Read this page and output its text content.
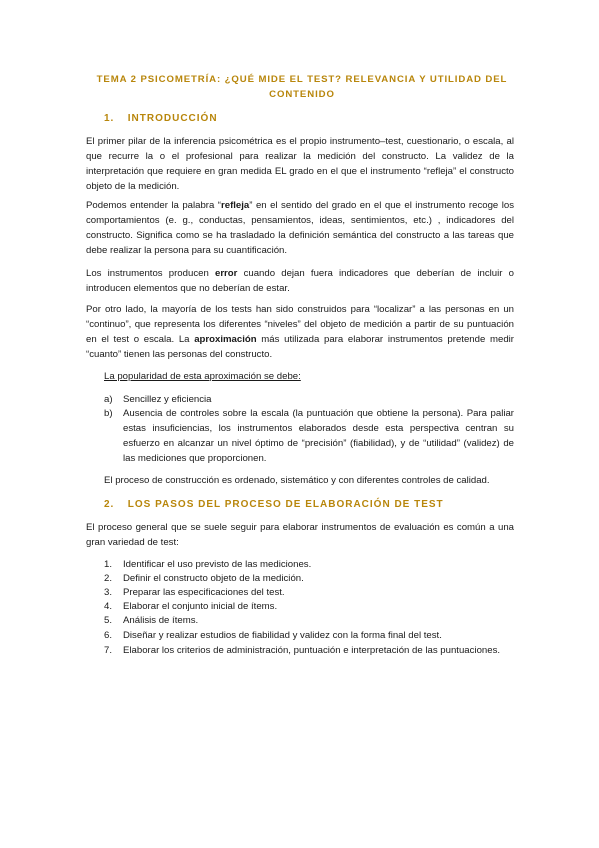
TEMA 2 PSICOMETRÍA: ¿QUÉ MIDE EL TEST? RELEVANCIA Y UTILIDAD DEL CONTENIDO
1. INTRODUCCIÓN

El primer pilar de la inferencia psicométrica es el propio instrumento–test, cuestionario, o escala, al que recurre la o el profesional para realizar la medición del constructo. La validez de la interpretación que requiere en gran medida EL grado en el que el instrumento “refleja” el constructo objeto de la medición.

Podemos entender la palabra “refleja” en el sentido del grado en el que el instrumento recoge los comportamientos (e. g., conductas, pensamientos, ideas, sentimientos, etc.) , indicadores del constructo. Significa como se ha trasladado la definición semántica del constructo a las tareas que debe realizar la persona para su cuantificación.

Los instrumentos producen error cuando dejan fuera indicadores que deberían de incluir o introducen elementos que no deberían de estar.

Por otro lado, la mayoría de los tests han sido construidos para “localizar” a las personas en un “continuo”, que representa los diferentes “niveles” del objeto de medición a partir de su puntuación en el test o escala. La aproximación más utilizada para elaborar instrumentos pretende medir “cuanto” tienen las personas del constructo.

La popularidad de esta aproximación se debe:
a) Sencillez y eficiencia
b) Ausencia de controles sobre la escala (la puntuación que obtiene la persona). Para paliar estas insuficiencias, los instrumentos elaborados desde esta perspectiva centran su esfuerzo en alcanzar un nivel óptimo de “precisión” (fiabilidad), y de “utilidad” (validez) de las mediciones que proporcionen.
El proceso de construcción es ordenado, sistemático y con diferentes controles de calidad.
2. LOS PASOS DEL PROCESO DE ELABORACIÓN DE TEST

El proceso general que se suele seguir para elaborar instrumentos de evaluación es común a una gran variedad de test:

1. Identificar el uso previsto de las mediciones.
2. Definir el constructo objeto de la medición.
3. Preparar las especificaciones del test.
4. Elaborar el conjunto inicial de ítems.
5. Análisis de ítems.
6. Diseñar y realizar estudios de fiabilidad y validez con la forma final del test.
7. Elaborar los criterios de administración, puntuación e interpretación de las puntuaciones.
